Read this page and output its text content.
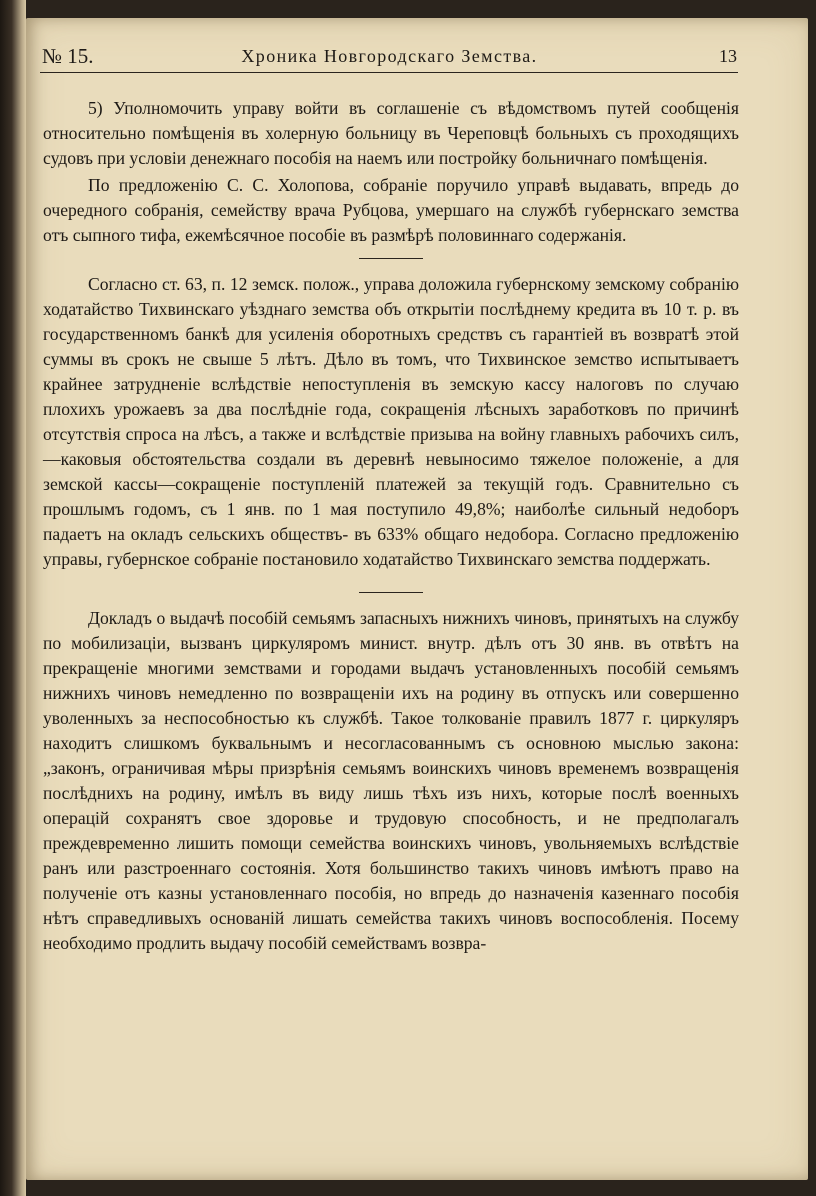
№ 15.	Хроника Новгородскаго Земства.	13

5) Уполномочить управу войти въ соглашеніе съ вѣдомствомъ путей сообщенія относительно помѣщенія въ холерную больницу въ Череповцѣ больныхъ съ проходящихъ судовъ при условіи денежнаго пособія на наемъ или постройку больничнаго помѣщенія.

По предложенію С. С. Холопова, собраніе поручило управѣ выдавать, впредь до очередного собранія, семейству врача Рубцова, умершаго на службѣ губернскаго земства отъ сыпного тифа, ежемѣсячное пособіе въ размѣрѣ половиннаго содержанія.

Согласно ст. 63, п. 12 земск. полож., управа доложила губернскому земскому собранію ходатайство Тихвинскаго уѣзднаго земства объ открытіи послѣднему кредита въ 10 т. р. въ государственномъ банкѣ для усиленія оборотныхъ средствъ съ гарантіей въ возвратѣ этой суммы въ срокъ не свыше 5 лѣтъ. Дѣло въ томъ, что Тихвинское земство испытываетъ крайнее затрудненіе вслѣдствіе непоступленія въ земскую кассу налоговъ по случаю плохихъ урожаевъ за два послѣдніе года, сокращенія лѣсныхъ заработковъ по причинѣ отсутствія спроса на лѣсъ, а также и вслѣдствіе призыва на войну главныхъ рабочихъ силъ,—каковыя обстоятельства создали въ деревнѣ невыносимо тяжелое положеніе, а для земской кассы—сокращеніе поступленій платежей за текущій годъ. Сравнительно съ прошлымъ годомъ, съ 1 янв. по 1 мая поступило 49,8%; наиболѣе сильный недоборъ падаетъ на окладъ сельскихъ обществъ- въ 633% общаго недобора. Согласно предложенію управы, губернское собраніе постановило ходатайство Тихвинскаго земства поддержать.

Докладъ о выдачѣ пособій семьямъ запасныхъ нижнихъ чиновъ, принятыхъ на службу по мобилизаціи, вызванъ циркуляромъ минист. внутр. дѣлъ отъ 30 янв. въ отвѣтъ на прекращеніе многими земствами и городами выдачъ установленныхъ пособій семьямъ нижнихъ чиновъ немедленно по возвращеніи ихъ на родину въ отпускъ или совершенно уволенныхъ за неспособностью къ службѣ. Такое толкованіе правилъ 1877 г. циркуляръ находитъ слишкомъ буквальнымъ и несогласованнымъ съ основною мыслью закона: „законъ, ограничивая мѣры призрѣнія семьямъ воинскихъ чиновъ временемъ возвращенія послѣднихъ на родину, имѣлъ въ виду лишь тѣхъ изъ нихъ, которые послѣ военныхъ операцій сохранятъ свое здоровье и трудовую способность, и не предполагалъ преждевременно лишить помощи семейства воинскихъ чиновъ, увольняемыхъ вслѣдствіе ранъ или разстроеннаго состоянія. Хотя большинство такихъ чиновъ имѣютъ право на полученіе отъ казны установленнаго пособія, но впредь до назначенія казеннаго пособія нѣтъ справедливыхъ основаній лишать семейства такихъ чиновъ воспособленія. Посему необходимо продлить выдачу пособій семействамъ возвра-
